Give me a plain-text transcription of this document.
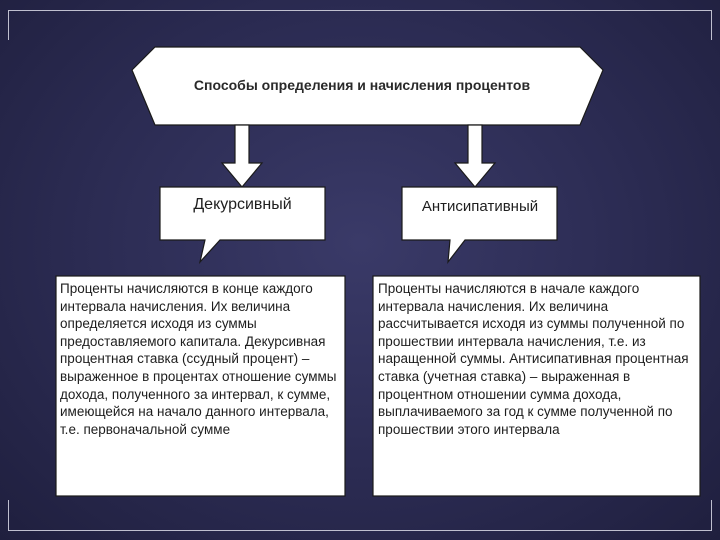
Способы определения и начисления процентов
Декурсивный	Антисипативный
Проценты начисляются в конце каждого интервала начисления. Их величина определяется исходя из суммы предоставляемого капитала. Декурсивная процентная ставка (ссудный процент) – выраженное в процентах отношение суммы дохода, полученного за интервал, к сумме, имеющейся на начало данного интервала, т.е. первоначальной сумме
Проценты начисляются в начале каждого интервала начисления. Их величина рассчитывается исходя из суммы полученной по прошествии интервала начисления, т.е. из наращенной суммы. Антисипативная процентная ставка (учетная ставка) – выраженная в процентном отношении сумма дохода, выплачиваемого за год к сумме полученной по прошествии этого интервала
